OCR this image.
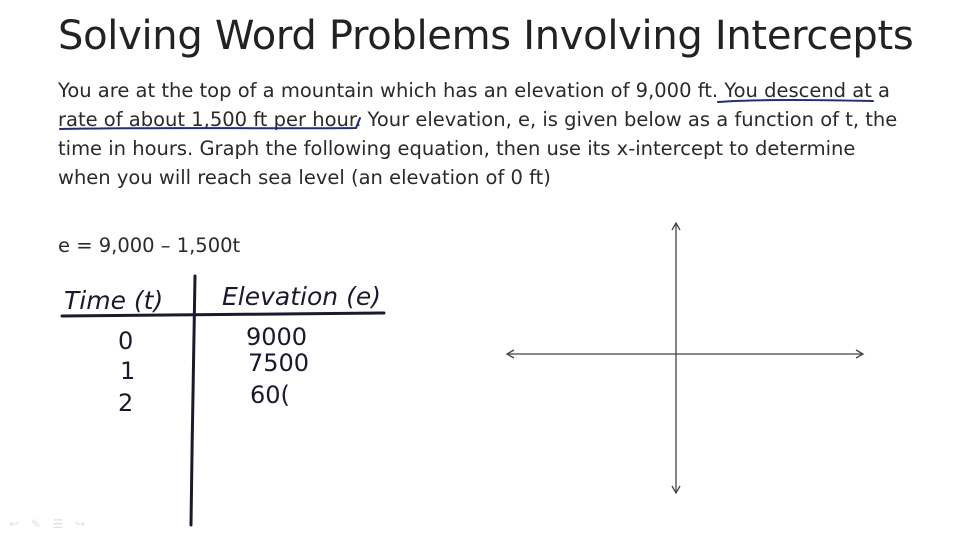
Solving Word Problems Involving Intercepts
You are at the top of a mountain which has an elevation of 9,000 ft. You descend at a
rate of about 1,500 ft per hour. Your elevation, e, is given below as a function of t, the
time in hours. Graph the following equation, then use its x-intercept to determine
when you will reach sea level (an elevation of 0 ft)
e = 9,000 – 1,500t
Time (t) Elevation (e)
0	9000
1	7500
2	60(
↩ ✎ ☰ ↪
